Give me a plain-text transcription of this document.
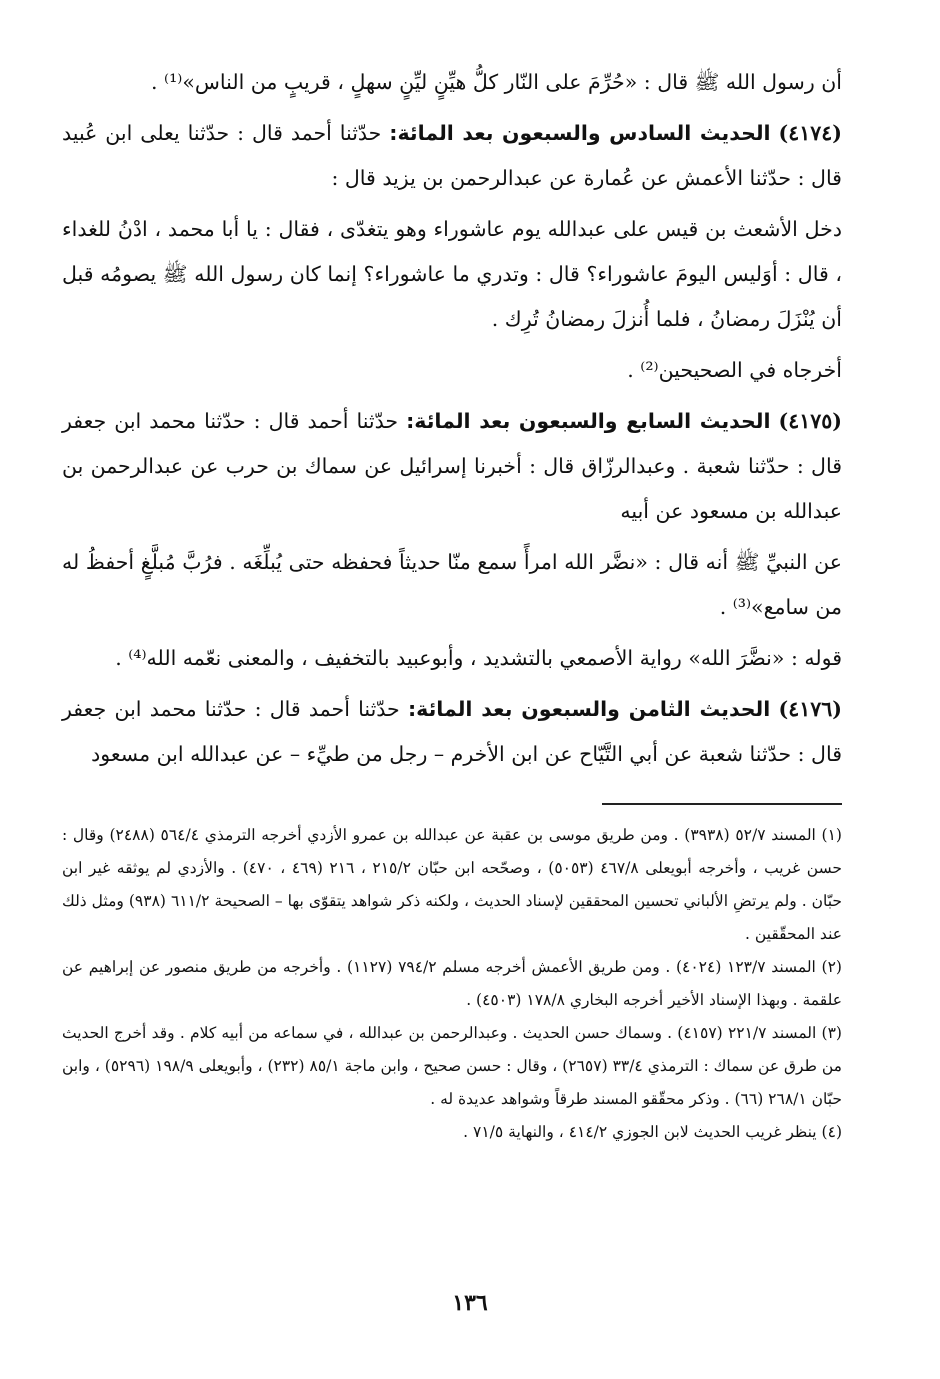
أن رسول الله ﷺ قال : «حُرِّمَ على النّار كلُّ هيِّنٍ ليِّنٍ سهلٍ ، قريبٍ من الناس»⁽¹⁾ .

(٤١٧٤) الحديث السادس والسبعون بعد المائة: حدّثنا أحمد قال : حدّثنا يعلى ابن عُبيد قال : حدّثنا الأعمش عن عُمارة عن عبدالرحمن بن يزيد قال :

دخل الأشعث بن قيس على عبدالله يوم عاشوراء وهو يتغدّى ، فقال : يا أبا محمد ، ادْنُ للغداء ، قال : أوَليس اليومَ عاشوراء؟ قال : وتدري ما عاشوراء؟ إنما كان رسول الله ﷺ يصومُه قبل أن يُنْزَلَ رمضانُ ، فلما أُنزلَ رمضانُ تُرِك .

أخرجاه في الصحيحين⁽²⁾ .

(٤١٧٥) الحديث السابع والسبعون بعد المائة: حدّثنا أحمد قال : حدّثنا محمد ابن جعفر قال : حدّثنا شعبة . وعبدالرزّاق قال : أخبرنا إسرائيل عن سماك بن حرب عن عبدالرحمن بن عبدالله بن مسعود عن أبيه

عن النبيِّ ﷺ أنه قال : «نضَّر الله امرأً سمع منّا حديثاً فحفظه حتى يُبلِّغَه . فرُبَّ مُبلَّغٍ أحفظُ له من سامع»⁽³⁾ .

قوله : «نضَّرَ الله» رواية الأصمعي بالتشديد ، وأبوعبيد بالتخفيف ، والمعنى نعّمه الله⁽⁴⁾ .

(٤١٧٦) الحديث الثامن والسبعون بعد المائة: حدّثنا أحمد قال : حدّثنا محمد ابن جعفر قال : حدّثنا شعبة عن أبي التَّيّاح عن ابن الأخرم – رجل من طيِّء – عن عبدالله ابن مسعود

(١) المسند ٥٢/٧ (٣٩٣٨) . ومن طريق موسى بن عقبة عن عبدالله بن عمرو الأزدي أخرجه الترمذي ٥٦٤/٤ (٢٤٨٨) وقال : حسن غريب ، وأخرجه أبويعلى ٤٦٧/٨ (٥٠٥٣) ، وصحّحه ابن حبّان ٢١٥/٢ ، ٢١٦ (٤٦٩ ، ٤٧٠) . والأزدي لم يوثقه غير ابن حبّان . ولم يرتضِ الألباني تحسين المحققين لإسناد الحديث ، ولكنه ذكر شواهد يتقوّى بها – الصحيحة ٦١١/٢ (٩٣٨) ومثل ذلك عند المحقّقين .

(٢) المسند ١٢٣/٧ (٤٠٢٤) . ومن طريق الأعمش أخرجه مسلم ٧٩٤/٢ (١١٢٧) . وأخرجه من طريق منصور عن إبراهيم عن علقمة . وبهذا الإسناد الأخير أخرجه البخاري ١٧٨/٨ (٤٥٠٣) .

(٣) المسند ٢٢١/٧ (٤١٥٧) . وسماك حسن الحديث . وعبدالرحمن بن عبدالله ، في سماعه من أبيه كلام . وقد أخرج الحديث من طرق عن سماك : الترمذي ٣٣/٤ (٢٦٥٧) ، وقال : حسن صحيح ، وابن ماجة ٨٥/١ (٢٣٢) ، وأبويعلى ١٩٨/٩ (٥٢٩٦) ، وابن حبّان ٢٦٨/١ (٦٦) . وذكر محقّقو المسند طرقاً وشواهد عديدة له .

(٤) ينظر غريب الحديث لابن الجوزي ٤١٤/٢ ، والنهاية ٧١/٥ .

١٣٦
